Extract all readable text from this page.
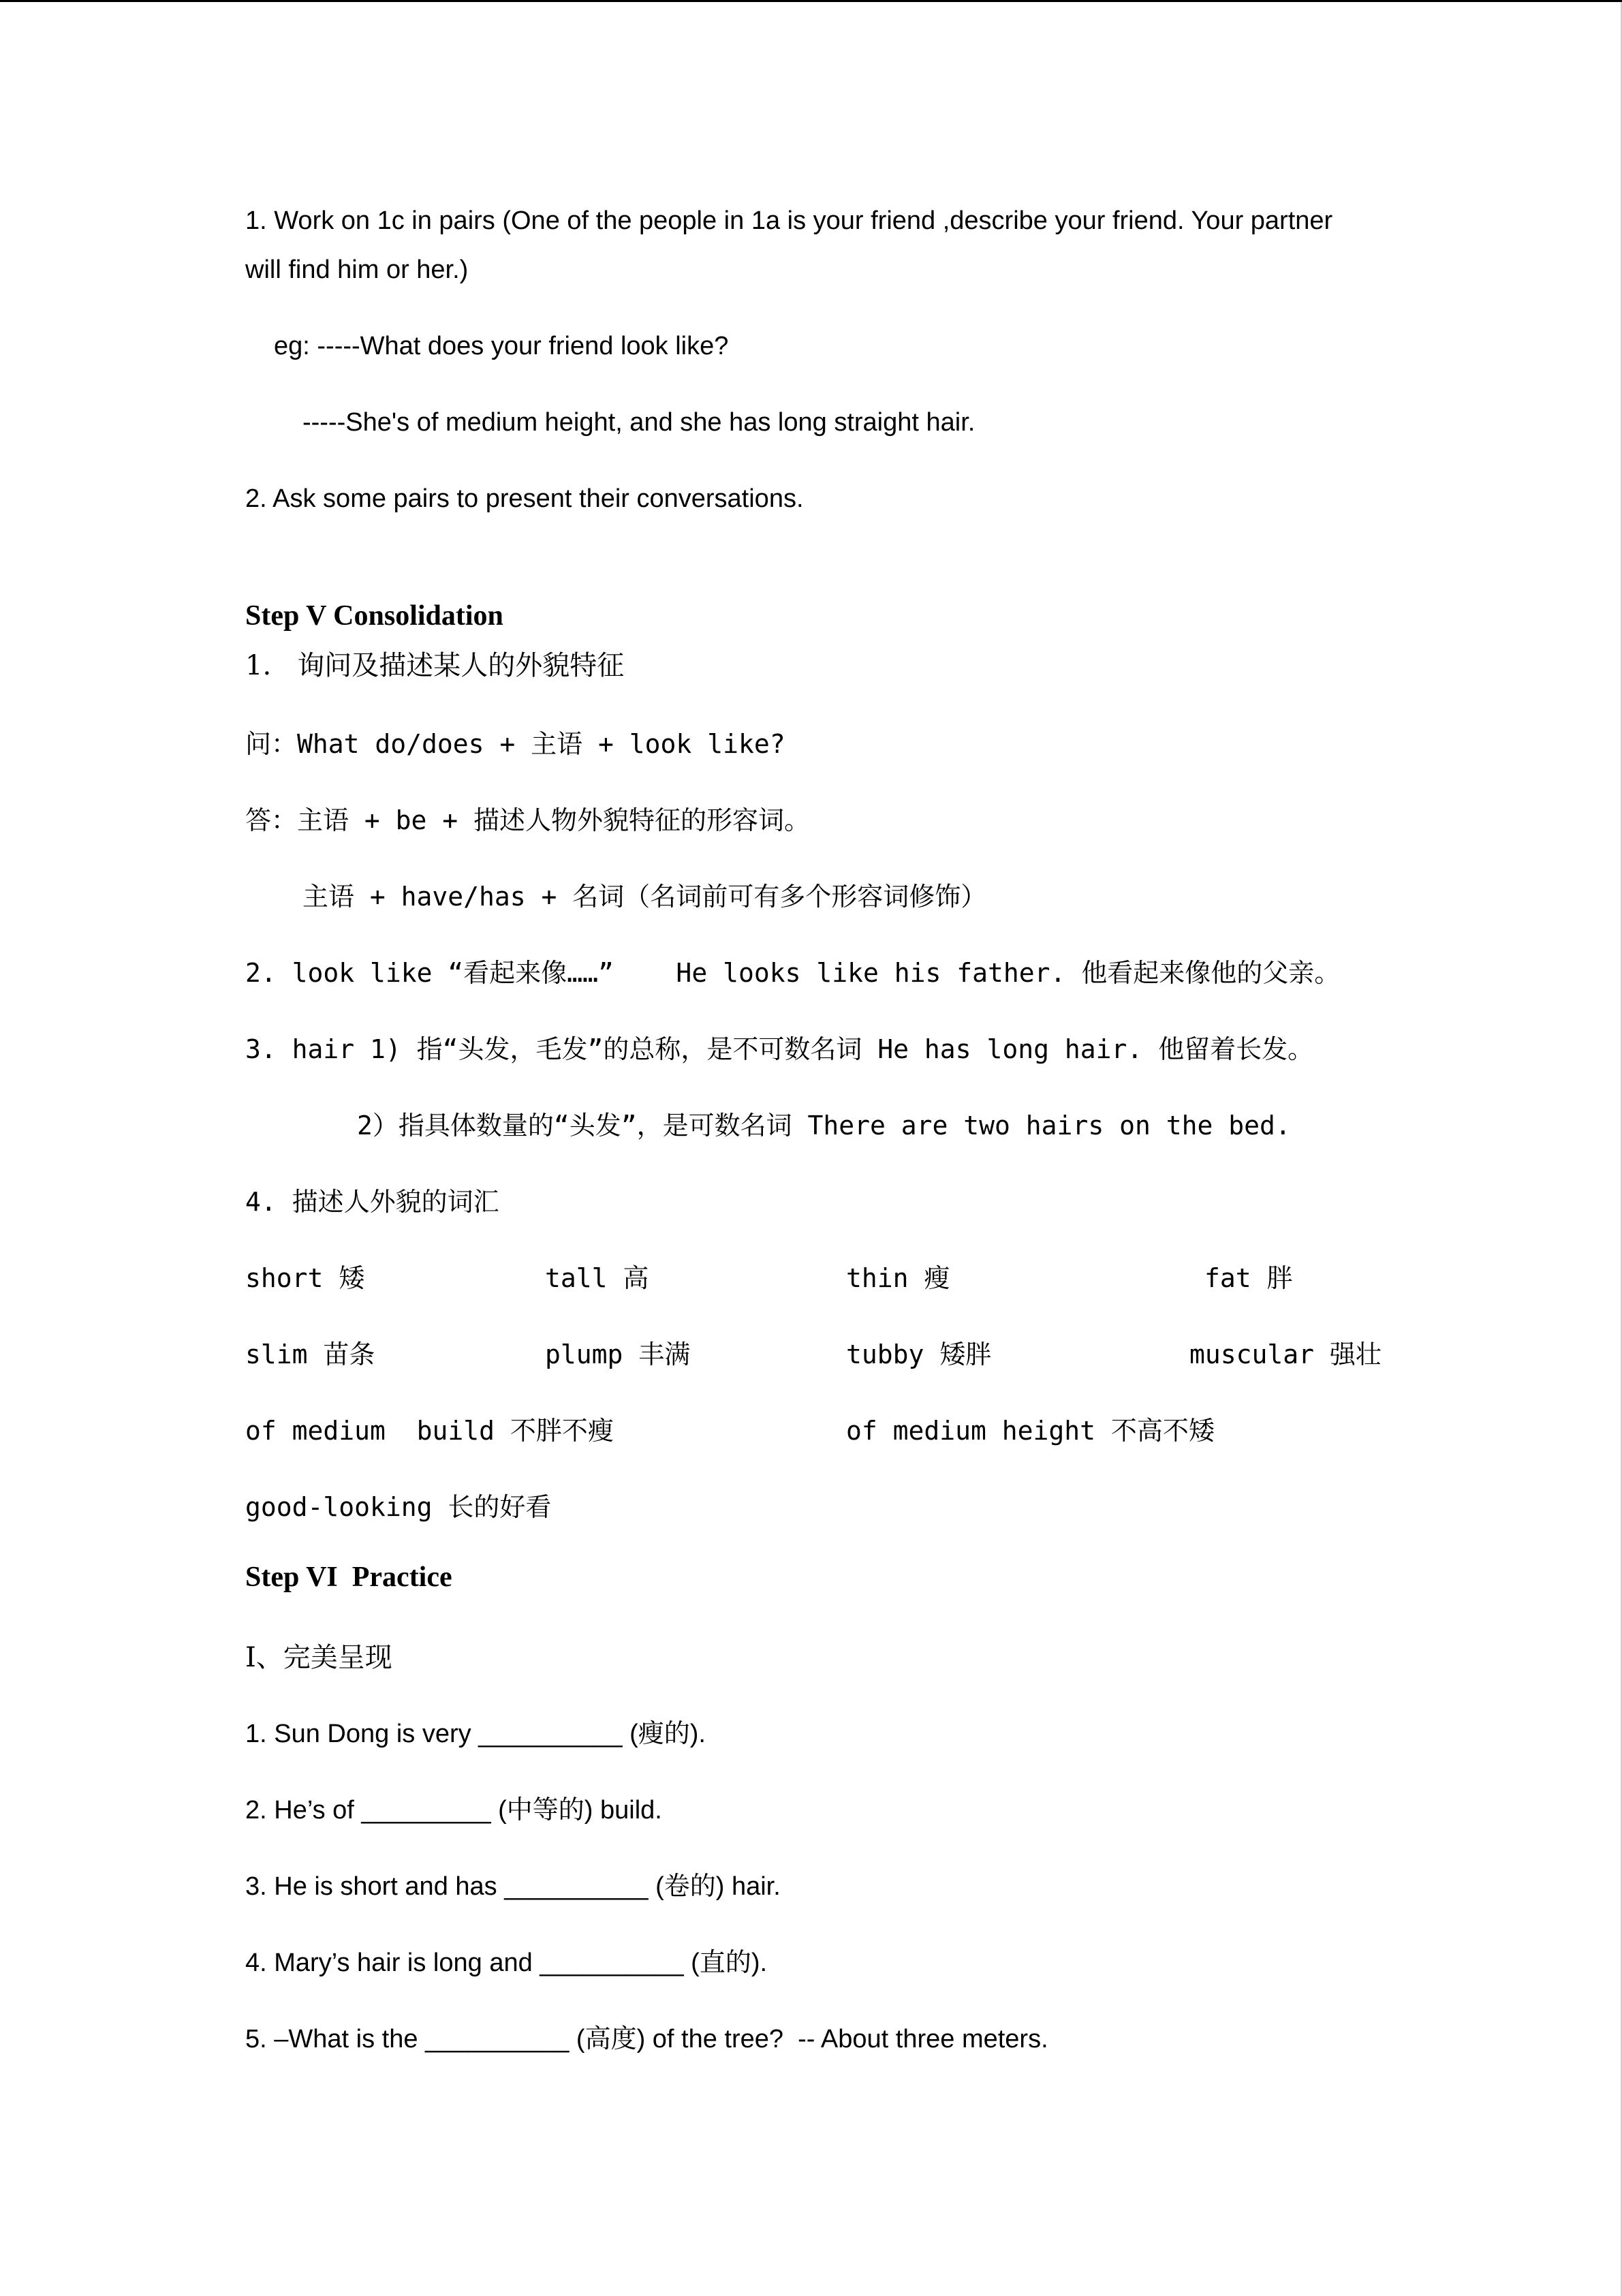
1. Work on 1c in pairs (One of the people in 1a is your friend ,describe your friend. Your partner
will find him or her.)
eg: -----What does your friend look like?
-----She's of medium height, and she has long straight hair.
2. Ask some pairs to present their conversations.
Step V Consolidation
1.   询问及描述某人的外貌特征
问：What do/does + 主语 + look like?
答：主语 + be + 描述人物外貌特征的形容词。
主语 + have/has + 名词（名词前可有多个形容词修饰）
2. look like “看起来像……”    He looks like his father. 他看起来像他的父亲。
3. hair 1) 指“头发，毛发”的总称，是不可数名词 He has long hair. 他留着长发。
2）指具体数量的“头发”，是可数名词 There are two hairs on the bed.
4. 描述人外貌的词汇
short 矮	tall 高	thin 瘦	fat 胖
slim 苗条	plump 丰满	tubby 矮胖	muscular 强壮
of medium  build 不胖不瘦	of medium height 不高不矮
good-looking 长的好看
Step VI  Practice
Ⅰ、完美呈现
1. Sun Dong is very __________ (瘦的).
2. He’s of _________ (中等的) build.
3. He is short and has __________ (卷的) hair.
4. Mary’s hair is long and __________ (直的).
5. –What is the __________ (高度) of the tree?  -- About three meters.
